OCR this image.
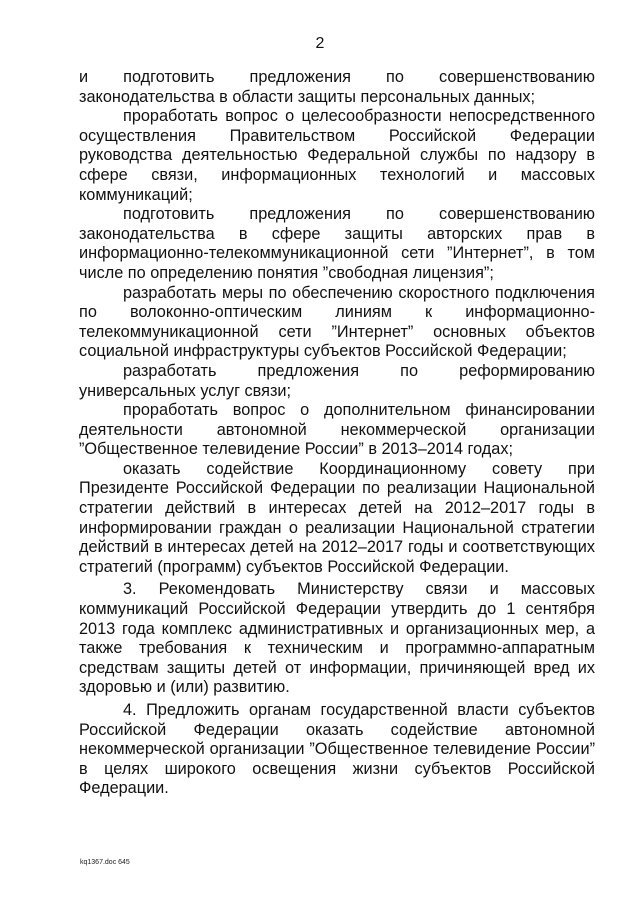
2

и подготовить предложения по совершенствованию законодательства в области защиты персональных данных;

проработать вопрос о целесообразности непосредственного осуществления Правительством Российской Федерации руководства деятельностью Федеральной службы по надзору в сфере связи, информационных технологий и массовых коммуникаций;

подготовить предложения по совершенствованию законодательства в сфере защиты авторских прав в информационно-телекоммуникационной сети ”Интернет”, в том числе по определению понятия ”свободная лицензия”;

разработать меры по обеспечению скоростного подключения по волоконно-оптическим линиям к информационно-телекоммуникационной сети ”Интернет” основных объектов социальной инфраструктуры субъектов Российской Федерации;

разработать предложения по реформированию универсальных услуг связи;

проработать вопрос о дополнительном финансировании деятельности автономной некоммерческой организации ”Общественное телевидение России” в 2013–2014 годах;

оказать содействие Координационному совету при Президенте Российской Федерации по реализации Национальной стратегии действий в интересах детей на 2012–2017 годы в информировании граждан о реализации Национальной стратегии действий в интересах детей на 2012–2017 годы и соответствующих стратегий (программ) субъектов Российской Федерации.

3. Рекомендовать Министерству связи и массовых коммуникаций Российской Федерации утвердить до 1 сентября 2013 года комплекс административных и организационных мер, а также требования к техническим и программно-аппаратным средствам защиты детей от информации, причиняющей вред их здоровью и (или) развитию.

4. Предложить органам государственной власти субъектов Российской Федерации оказать содействие автономной некоммерческой организации ”Общественное телевидение России” в целях широкого освещения жизни субъектов Российской Федерации.

kq1367.doc 645
